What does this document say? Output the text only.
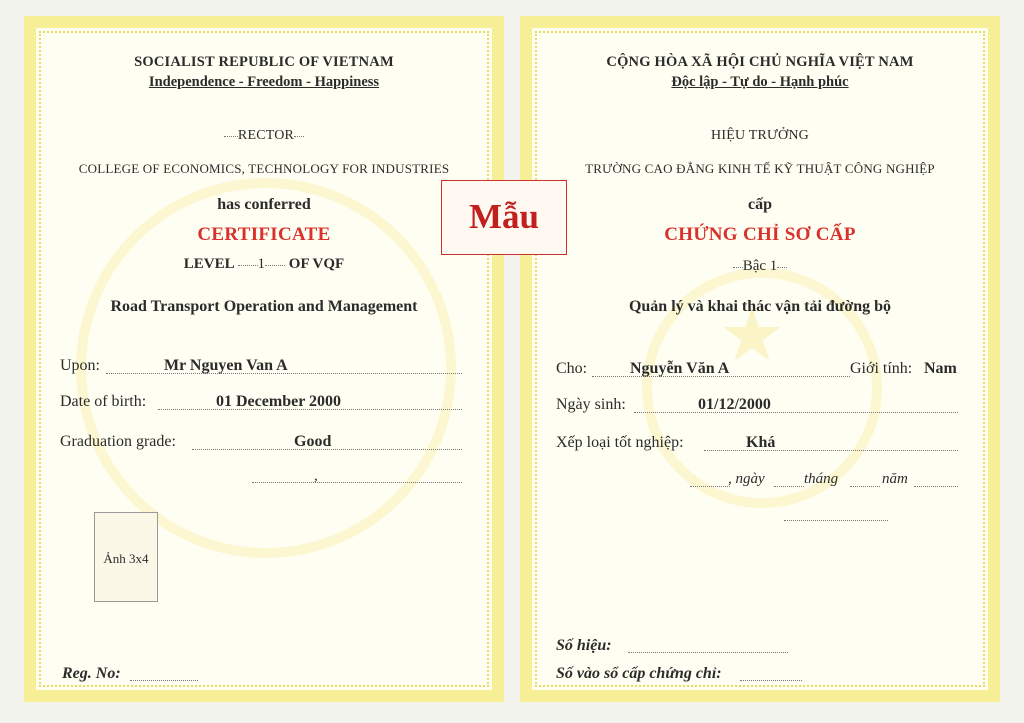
SOCIALIST REPUBLIC OF VIETNAM
Independence - Freedom - Happiness
RECTOR
COLLEGE OF ECONOMICS, TECHNOLOGY FOR INDUSTRIES
has conferred
CERTIFICATE
LEVEL 1 OF VQF
Road Transport Operation and Management
Upon:	Mr Nguyen Van A
Date of birth:	01 December 2000
Graduation grade:	Good
,
Ảnh 3x4
Reg. No:
CỘNG HÒA XÃ HỘI CHỦ NGHĨA VIỆT NAM
Độc lập - Tự do - Hạnh phúc
HIỆU TRƯỞNG
TRƯỜNG CAO ĐẲNG KINH TẾ KỸ THUẬT CÔNG NGHIỆP
cấp
CHỨNG CHỈ SƠ CẤP
Bậc 1
Quản lý và khai thác vận tải đường bộ
Cho:	Nguyễn Văn A	Giới tính: Nam
Ngày sinh:	01/12/2000
Xếp loại tốt nghiệp:	Khá
, ngày	tháng	năm
Số hiệu:
Số vào sổ cấp chứng chỉ:
Mẫu
